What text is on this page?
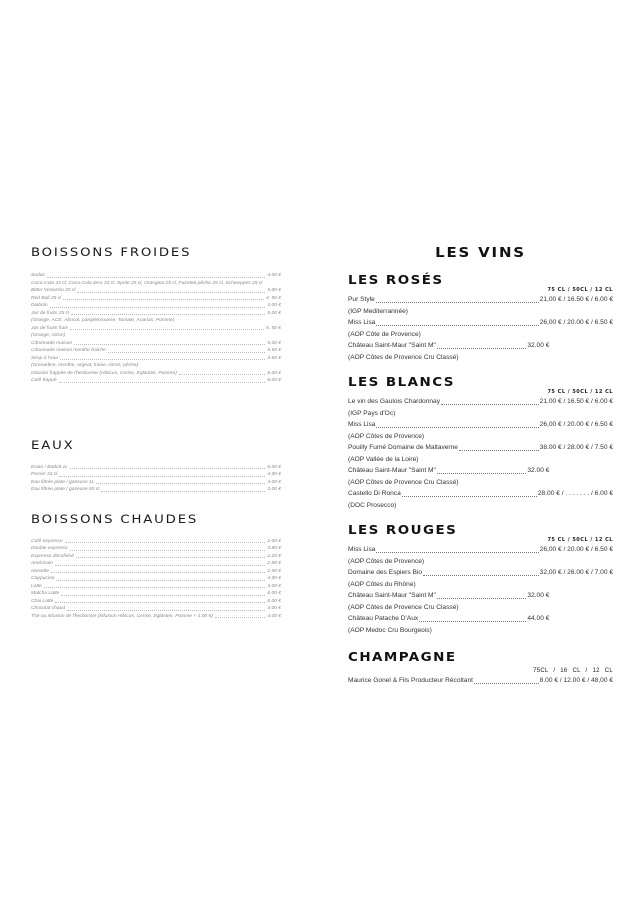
BOISSONS FROIDES
Sodas	4.00 €
Coca-Cola 33 cl, Coca-Cola zero 33 cl, Sprite 25 cl, Orangina 25 cl, Fuzetea pêche 25 cl, Schweppes 25 cl
Bitter Venezzio 20 cl	5.00 €
Red Bull 25 cl	4. 90 €
Diabolo	4.00 €
Jus de fruits 25 cl	5.00 €
(Orange, ACE, Abricot, pamplemousse, Tomate, Ananas, Pomme)
Jus de fruits frais	5. 50 €
(Orange, citron)
Citronnade maison	5.00 €
Citronnade maison menthe fraiche	5.50 €
Sirop à l'eau	3.50 €
(Grenadine, menthe, orgeat, fraise, citron, pêche)
Infusion frappée de l'herboriste (Hibicus, Cerise, Eglantier, Pomme)	6.00 €
Café frappé	6.00 €
EAUX
Evian / Badoit 1L	6.00 €
Perrier 33 cl	4.00 €
Eau filtrée plate / gazeuse 1L	4.00 €
Eau filtrée plate / gazeuse 50 cl	3.00 €
BOISSONS CHAUDES
Café expresso	2.00 €
Double expresso	3.80 €
Expresso décaféiné	2.20 €
Américain	2.80 €
Noisette	2.50 €
Cappucino	4.00 €
Latte	4.00 €
Matcha Latte	6.00 €
Chai Latte	6.00 €
Chocolat chaud	4.00 €
Thé ou infusion de l'herboriste (Infusion Hibicus, Cerise, Eglantier, Pomme + 1.00 €)	4.00 €
LES VINS
LES ROSÉS
75 CL / 50CL / 12 CL
Pur Style	21,00 € / 16.50 € / 6.00 €
(IGP Mediterrannée)
Miss Lisa	26,00 € / 20.00 € / 6.50 €
(AOP Côte de Provence)
Château Saint-Maur "Saint M"	32.00 €
(AOP Côtes de Provence Cru Classé)
LES BLANCS
75 CL / 50CL / 12 CL
Le vin des Gaulois Chardonnay	21,00 € / 16.50 € / 6.00 €
(IGP Pays d'Oc)
Miss Lisa	26,00 € / 20.00 € / 6.50 €
(AOP Côtes de Provence)
Pouilly Fumé Domaine de Maltaverne	38.00 € / 28.00 € / 7.50 €
(AOP Vallée de la Loire)
Château Saint-Maur "Saint M"	32.00 €
(AOP Côtes de Provence Cru Classé)
Castello Di Ronca	28.00 € / . . . . . . . / 6.00 €
(DOC Prosecco)
LES ROUGES
75 CL / 50CL / 12 CL
Miss Lisa	26,00 € / 20.00 € / 6.50 €
(AOP Côtes de Provence)
Domaine des Espiers Bio	32,00 € / 26.00 € / 7.00 €
(AOP Côtes du Rhône)
Château Saint-Maur "Saint M"	32.00 €
(AOP Côtes de Provence Cru Classé)
Château Patache D'Aux	44.00 €
(AOP Medoc Cru Bourgeois)
CHAMPAGNE
75CL / 16 CL / 12 CL
Maurice Gonel & Fils Producteur Récoltant	8.00 € / 12.00 € / 48,00 €
